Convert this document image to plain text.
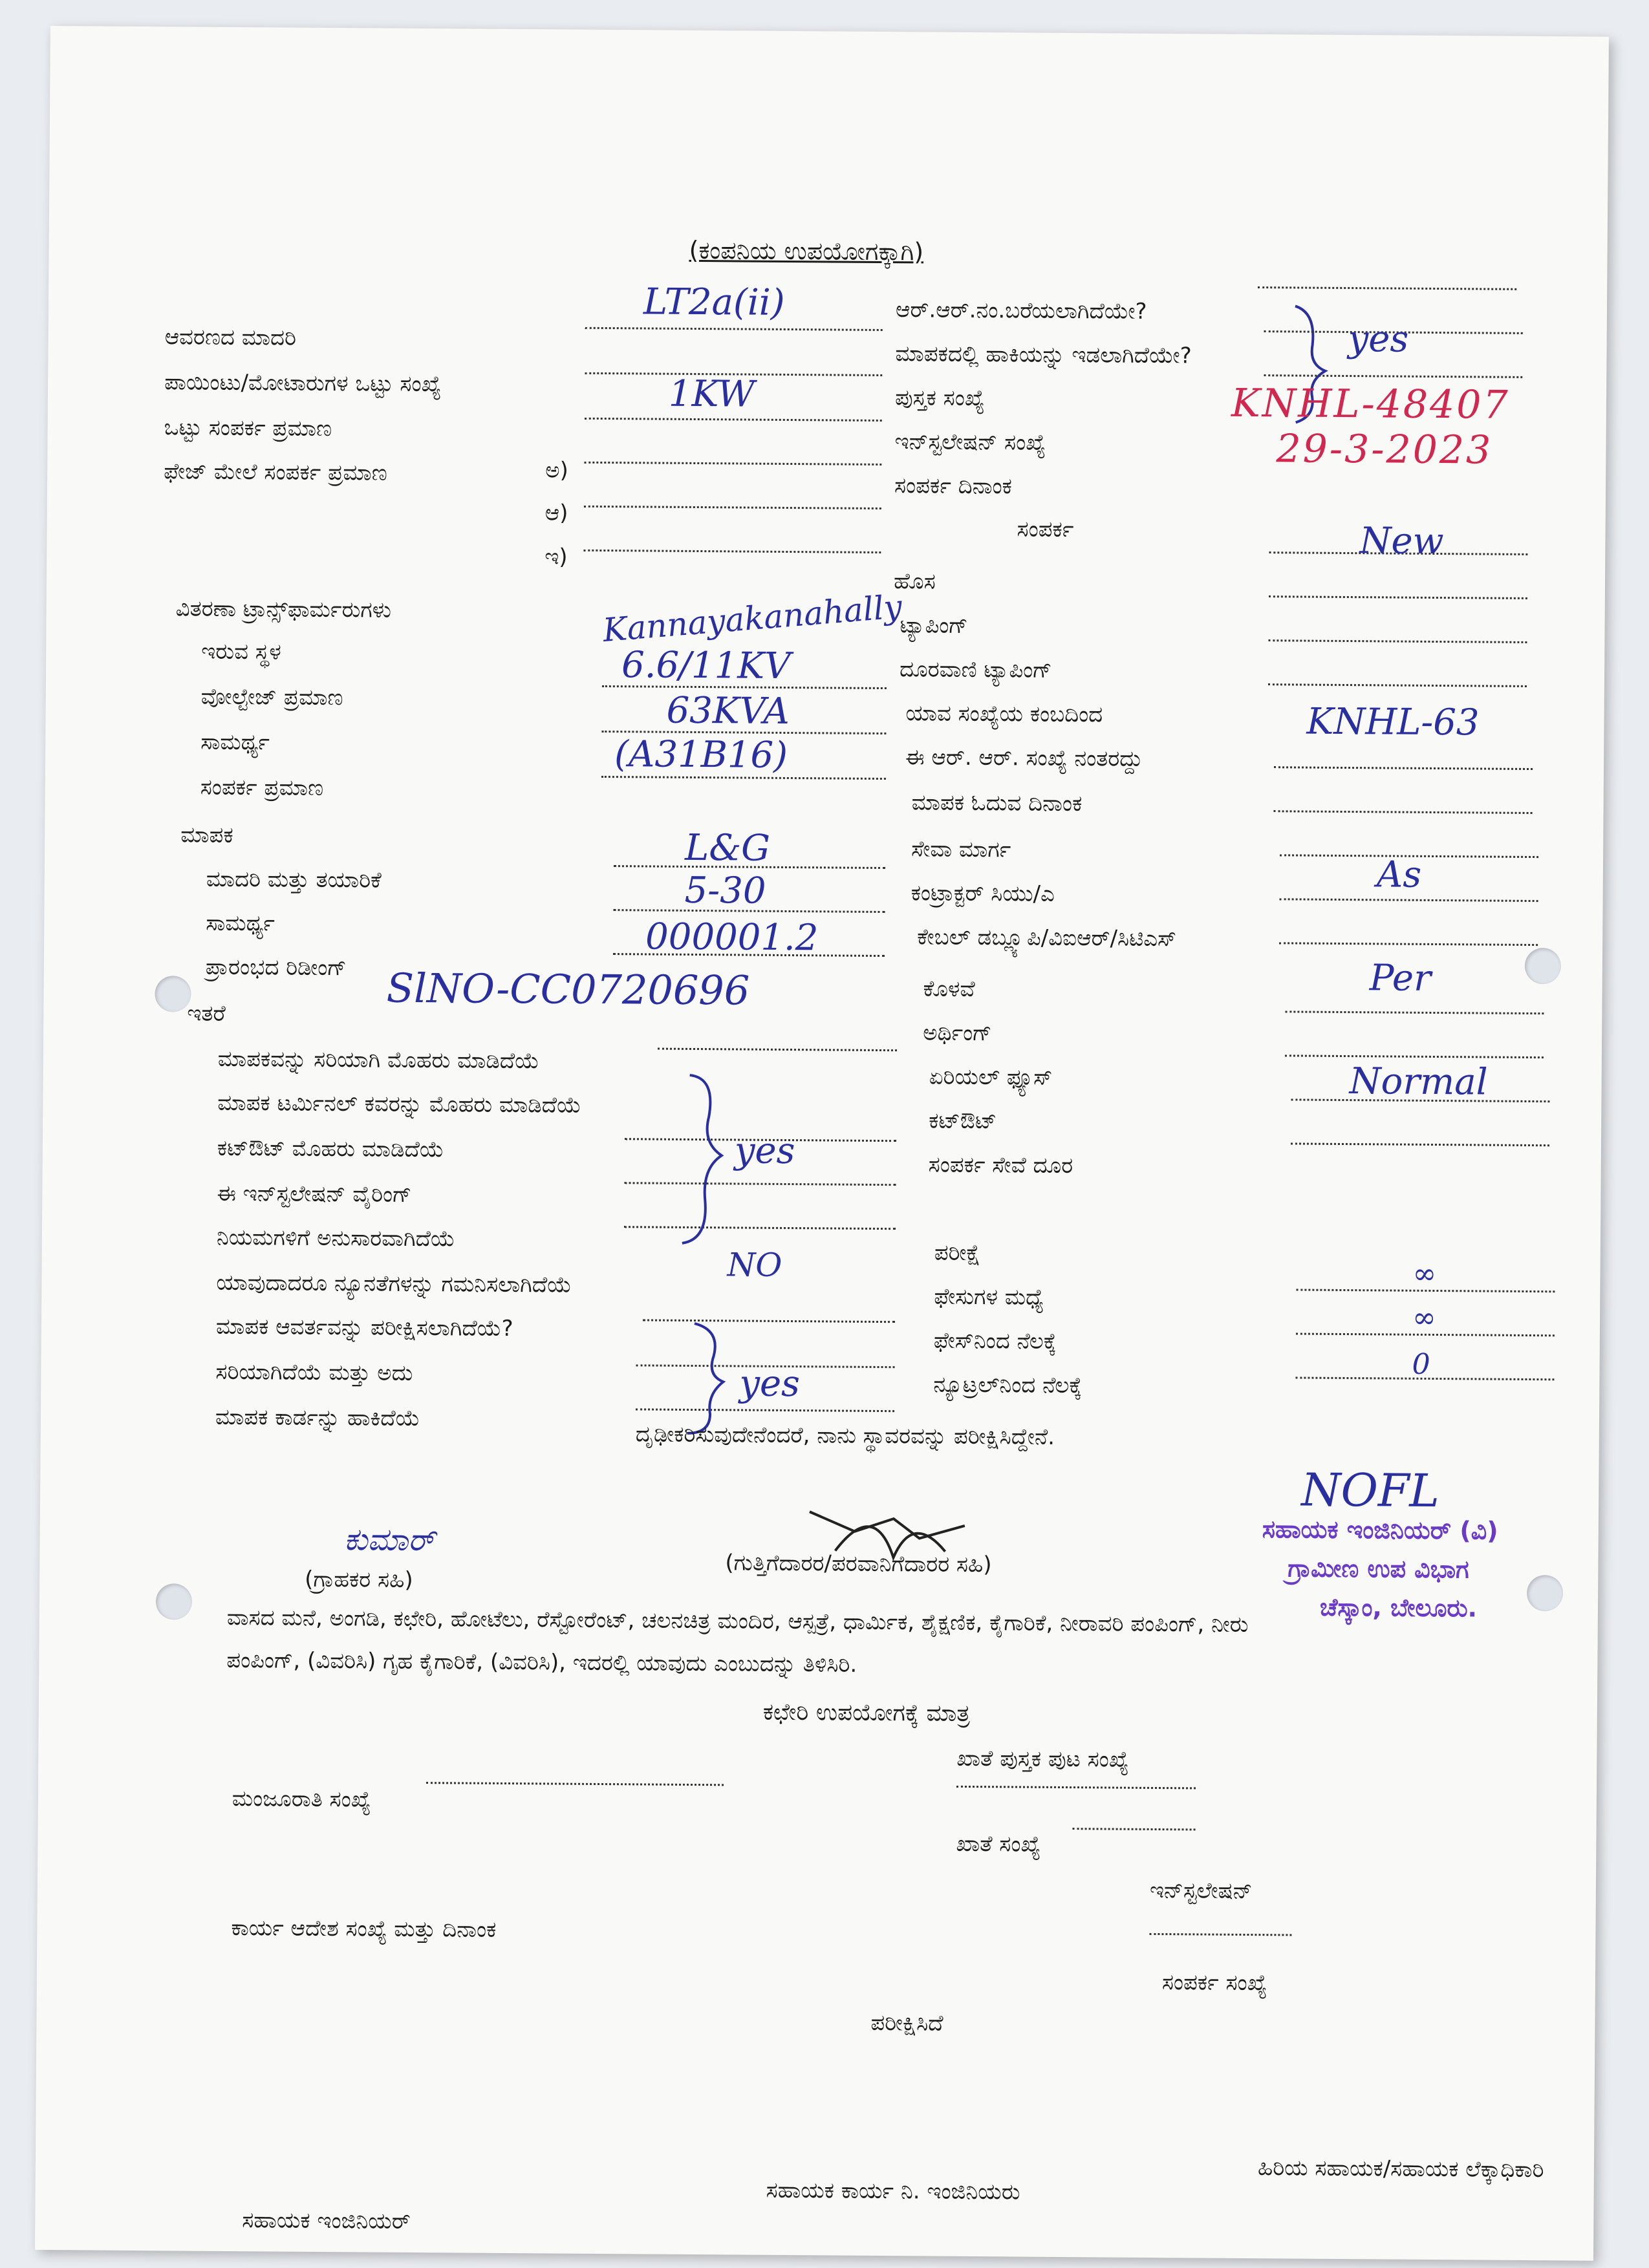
(ಕಂಪನಿಯ ಉಪಯೋಗಕ್ಕಾಗಿ)
ಆವರಣದ ಮಾದರಿ
LT2a(ii)
ಪಾಯಿಂಟು/ಮೋಟಾರುಗಳ ಒಟ್ಟು ಸಂಖ್ಯೆ
ಒಟ್ಟು ಸಂಪರ್ಕ ಪ್ರಮಾಣ
1KW
ಫೇಜ್ ಮೇಲೆ ಸಂಪರ್ಕ ಪ್ರಮಾಣ	ಅ)
ಆ)
ಇ)
ವಿತರಣಾ ಟ್ರಾನ್ಸ್‌ಫಾರ್ಮರುಗಳು
ಇರುವ ಸ್ಥಳ
Kannayakanahally
ವೋಲ್ಟೇಜ್ ಪ್ರಮಾಣ
6.6/11KV
ಸಾಮರ್ಥ್ಯ
63KVA
ಸಂಪರ್ಕ ಪ್ರಮಾಣ
(A31B16)
ಮಾಪಕ
ಮಾದರಿ ಮತ್ತು ತಯಾರಿಕೆ
L&G
ಸಾಮರ್ಥ್ಯ
5-30
ಪ್ರಾರಂಭದ ರಿಡೀಂಗ್
000001.2
SlNO-CC0720696
ಇತರೆ
ಮಾಪಕವನ್ನು ಸರಿಯಾಗಿ ಮೊಹರು ಮಾಡಿದೆಯೆ
ಮಾಪಕ ಟರ್ಮಿನಲ್ ಕವರನ್ನು ಮೊಹರು ಮಾಡಿದೆಯೆ
ಕಟ್‌ಔಟ್ ಮೊಹರು ಮಾಡಿದೆಯೆ
ಈ ಇನ್‌ಸ್ಟಲೇಷನ್ ವೈರಿಂಗ್
ನಿಯಮಗಳಿಗೆ ಅನುಸಾರವಾಗಿದೆಯೆ
ಯಾವುದಾದರೂ ನ್ಯೂನತೆಗಳನ್ನು ಗಮನಿಸಲಾಗಿದೆಯೆ
ಮಾಪಕ ಆವರ್ತವನ್ನು ಪರೀಕ್ಷಿಸಲಾಗಿದೆಯೆ?
ಸರಿಯಾಗಿದೆಯೆ ಮತ್ತು ಅದು
ಮಾಪಕ ಕಾರ್ಡನ್ನು ಹಾಕಿದೆಯೆ
yes
NO
yes
ಆರ್.ಆರ್.ನಂ.ಬರೆಯಲಾಗಿದೆಯೇ?
ಮಾಪಕದಲ್ಲಿ ಹಾಕಿಯನ್ನು ಇಡಲಾಗಿದೆಯೇ?
ಪುಸ್ತಕ ಸಂಖ್ಯೆ
ಇನ್‌ಸ್ಟಲೇಷನ್ ಸಂಖ್ಯೆ
ಸಂಪರ್ಕ ದಿನಾಂಕ
ಸಂಪರ್ಕ
ಹೊಸ
ಟ್ಯಾಪಿಂಗ್
ದೂರವಾಣಿ ಟ್ಯಾಪಿಂಗ್
ಯಾವ ಸಂಖ್ಯೆಯ ಕಂಬದಿಂದ
ಈ ಆರ್. ಆರ್. ಸಂಖ್ಯೆ ನಂತರದ್ದು
ಮಾಪಕ ಓದುವ ದಿನಾಂಕ
ಸೇವಾ ಮಾರ್ಗ
ಕಂಟ್ರಾಕ್ಟರ್ ಸಿಯು/ಎ
ಕೇಬಲ್ ಡಬ್ಲ್ಯೂಪಿ/ವಿಐಆರ್/ಸಿಟಿಎಸ್
ಕೊಳವೆ
ಅರ್ಥಿಂಗ್
ಏರಿಯಲ್ ಫ್ಯೂಸ್
ಕಟ್‌ಔಟ್
ಸಂಪರ್ಕ ಸೇವೆ ದೂರ
ಪರೀಕ್ಷೆ
ಫೇಸುಗಳ ಮಧ್ಯೆ
ಫೇಸ್‌ನಿಂದ ನೆಲಕ್ಕೆ
ನ್ಯೂಟ್ರಲ್‌ನಿಂದ ನೆಲಕ್ಕೆ
yes
KNHL-48407
29-3-2023
New
KNHL-63
As
Per
Normal
∞
∞
0
ದೃಢೀಕರಿಸುವುದೇನೆಂದರೆ, ನಾನು ಸ್ಥಾವರವನ್ನು ಪರೀಕ್ಷಿಸಿದ್ದೇನೆ.
NOFL
ಸಹಾಯಕ ಇಂಜಿನಿಯರ್ (ವಿ)
ಗ್ರಾಮೀಣ ಉಪ ವಿಭಾಗ
ಚೆಸ್ಕಾಂ, ಬೇಲೂರು.
ಕುಮಾರ್
(ಗ್ರಾಹಕರ ಸಹಿ)
(ಗುತ್ತಿಗೆದಾರರ/ಪರವಾನಿಗೆದಾರರ ಸಹಿ)
ವಾಸದ ಮನೆ, ಅಂಗಡಿ, ಕಛೇರಿ, ಹೋಟೆಲು, ರೆಸ್ಟೋರೆಂಟ್, ಚಲನಚಿತ್ರ ಮಂದಿರ, ಆಸ್ಪತ್ರೆ, ಧಾರ್ಮಿಕ, ಶೈಕ್ಷಣಿಕ, ಕೈಗಾರಿಕೆ, ನೀರಾವರಿ ಪಂಪಿಂಗ್, ನೀರು
ಪಂಪಿಂಗ್, (ವಿವರಿಸಿ) ಗೃಹ ಕೈಗಾರಿಕೆ, (ವಿವರಿಸಿ), ಇದರಲ್ಲಿ ಯಾವುದು ಎಂಬುದನ್ನು ತಿಳಿಸಿರಿ.
ಕಛೇರಿ ಉಪಯೋಗಕ್ಕೆ ಮಾತ್ರ
ಖಾತೆ ಪುಸ್ತಕ ಪುಟ ಸಂಖ್ಯೆ
ಮಂಜೂರಾತಿ ಸಂಖ್ಯೆ
ಖಾತೆ ಸಂಖ್ಯೆ
ಇನ್‌ಸ್ಟಲೇಷನ್
ಕಾರ್ಯ ಆದೇಶ ಸಂಖ್ಯೆ ಮತ್ತು ದಿನಾಂಕ
ಸಂಪರ್ಕ ಸಂಖ್ಯೆ
ಪರೀಕ್ಷಿಸಿದೆ
ಹಿರಿಯ ಸಹಾಯಕ/ಸಹಾಯಕ ಲೆಕ್ಕಾಧಿಕಾರಿ
ಸಹಾಯಕ ಕಾರ್ಯ ನಿ. ಇಂಜಿನಿಯರು
ಸಹಾಯಕ ಇಂಜಿನಿಯರ್
